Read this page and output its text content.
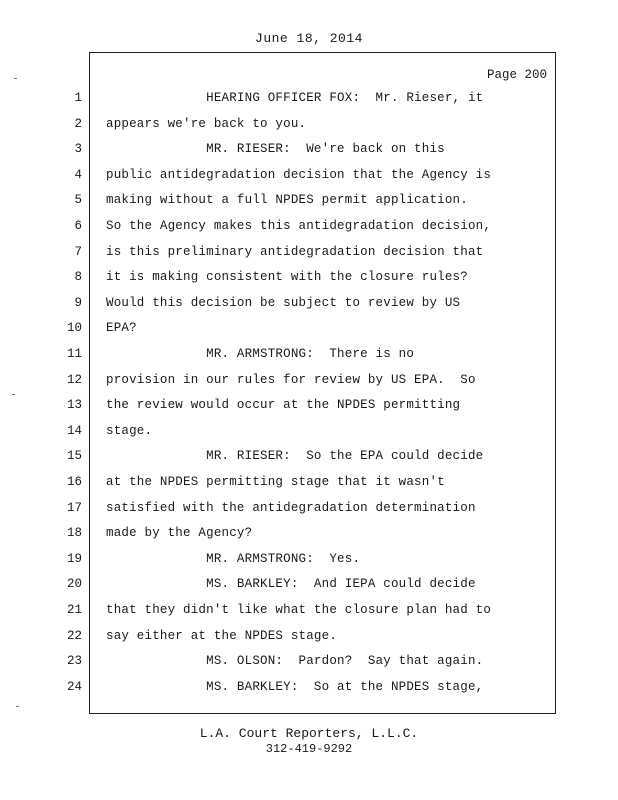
June 18, 2014
Page 200
1 HEARING OFFICER FOX:  Mr. Rieser, it
2 appears we're back to you.
3 MR. RIESER:  We're back on this
4 public antidegradation decision that the Agency is
5 making without a full NPDES permit application.
6 So the Agency makes this antidegradation decision,
7 is this preliminary antidegradation decision that
8 it is making consistent with the closure rules?
9 Would this decision be subject to review by US
10 EPA?
11 MR. ARMSTRONG:  There is no
12 provision in our rules for review by US EPA.  So
13 the review would occur at the NPDES permitting
14 stage.
15 MR. RIESER:  So the EPA could decide
16 at the NPDES permitting stage that it wasn't
17 satisfied with the antidegradation determination
18 made by the Agency?
19 MR. ARMSTRONG:  Yes.
20 MS. BARKLEY:  And IEPA could decide
21 that they didn't like what the closure plan had to
22 say either at the NPDES stage.
23 MS. OLSON:  Pardon?  Say that again.
24 MS. BARKLEY:  So at the NPDES stage,
L.A. Court Reporters, L.L.C.
312-419-9292
